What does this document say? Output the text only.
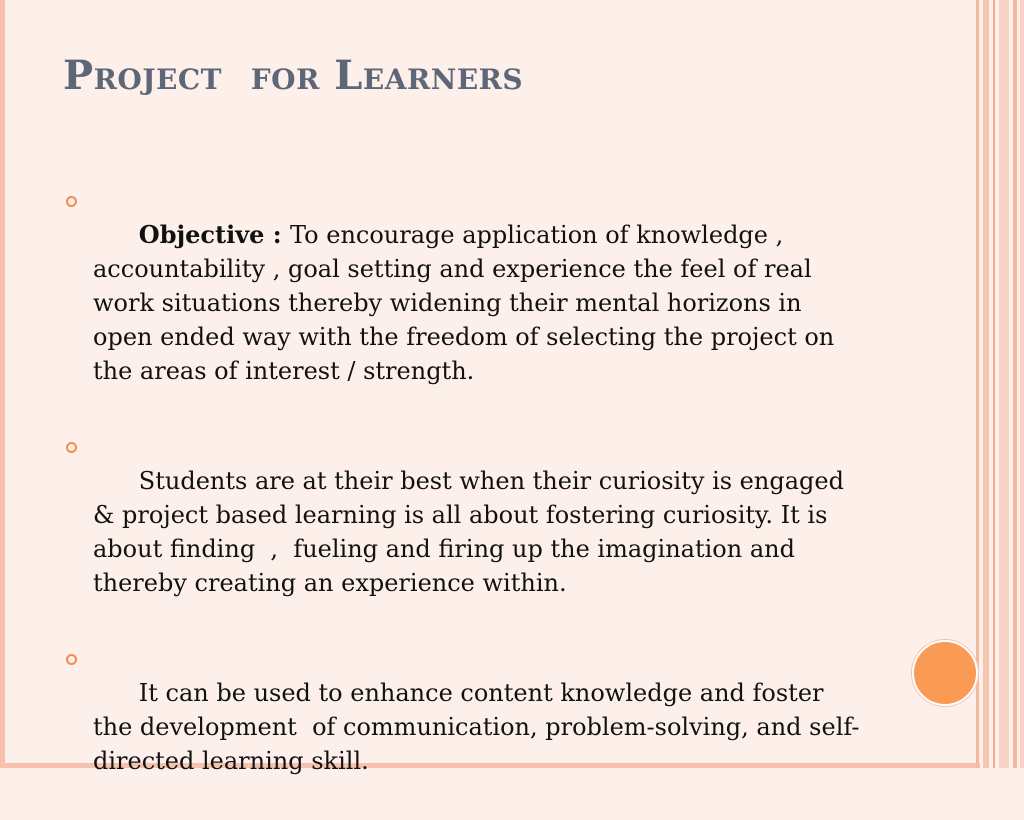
Project  for Learners

Objective : To encourage application of knowledge , accountability , goal setting and experience the feel of real work situations thereby widening their mental horizons in open ended way with the freedom of selecting the project on the areas of interest / strength.

Students are at their best when their curiosity is engaged & project based learning is all about fostering curiosity. It is about finding  ,  fueling and firing up the imagination and thereby creating an experience within.

It can be used to enhance content knowledge and foster the development  of communication, problem-solving, and self-directed learning skill.
